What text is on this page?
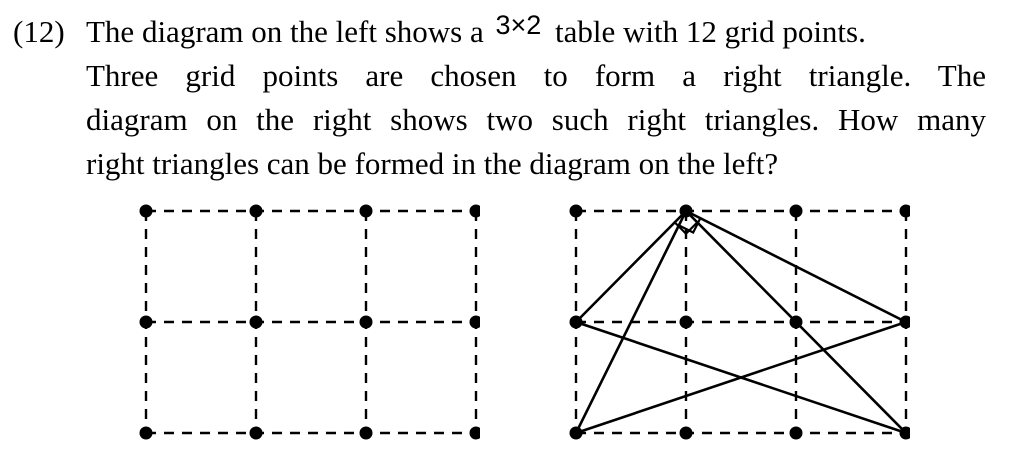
(12) The diagram on the left shows a 3×2 table with 12 grid points.
Three grid points are chosen to form a right triangle. The
diagram on the right shows two such right triangles. How many
right triangles can be formed in the diagram on the left?
